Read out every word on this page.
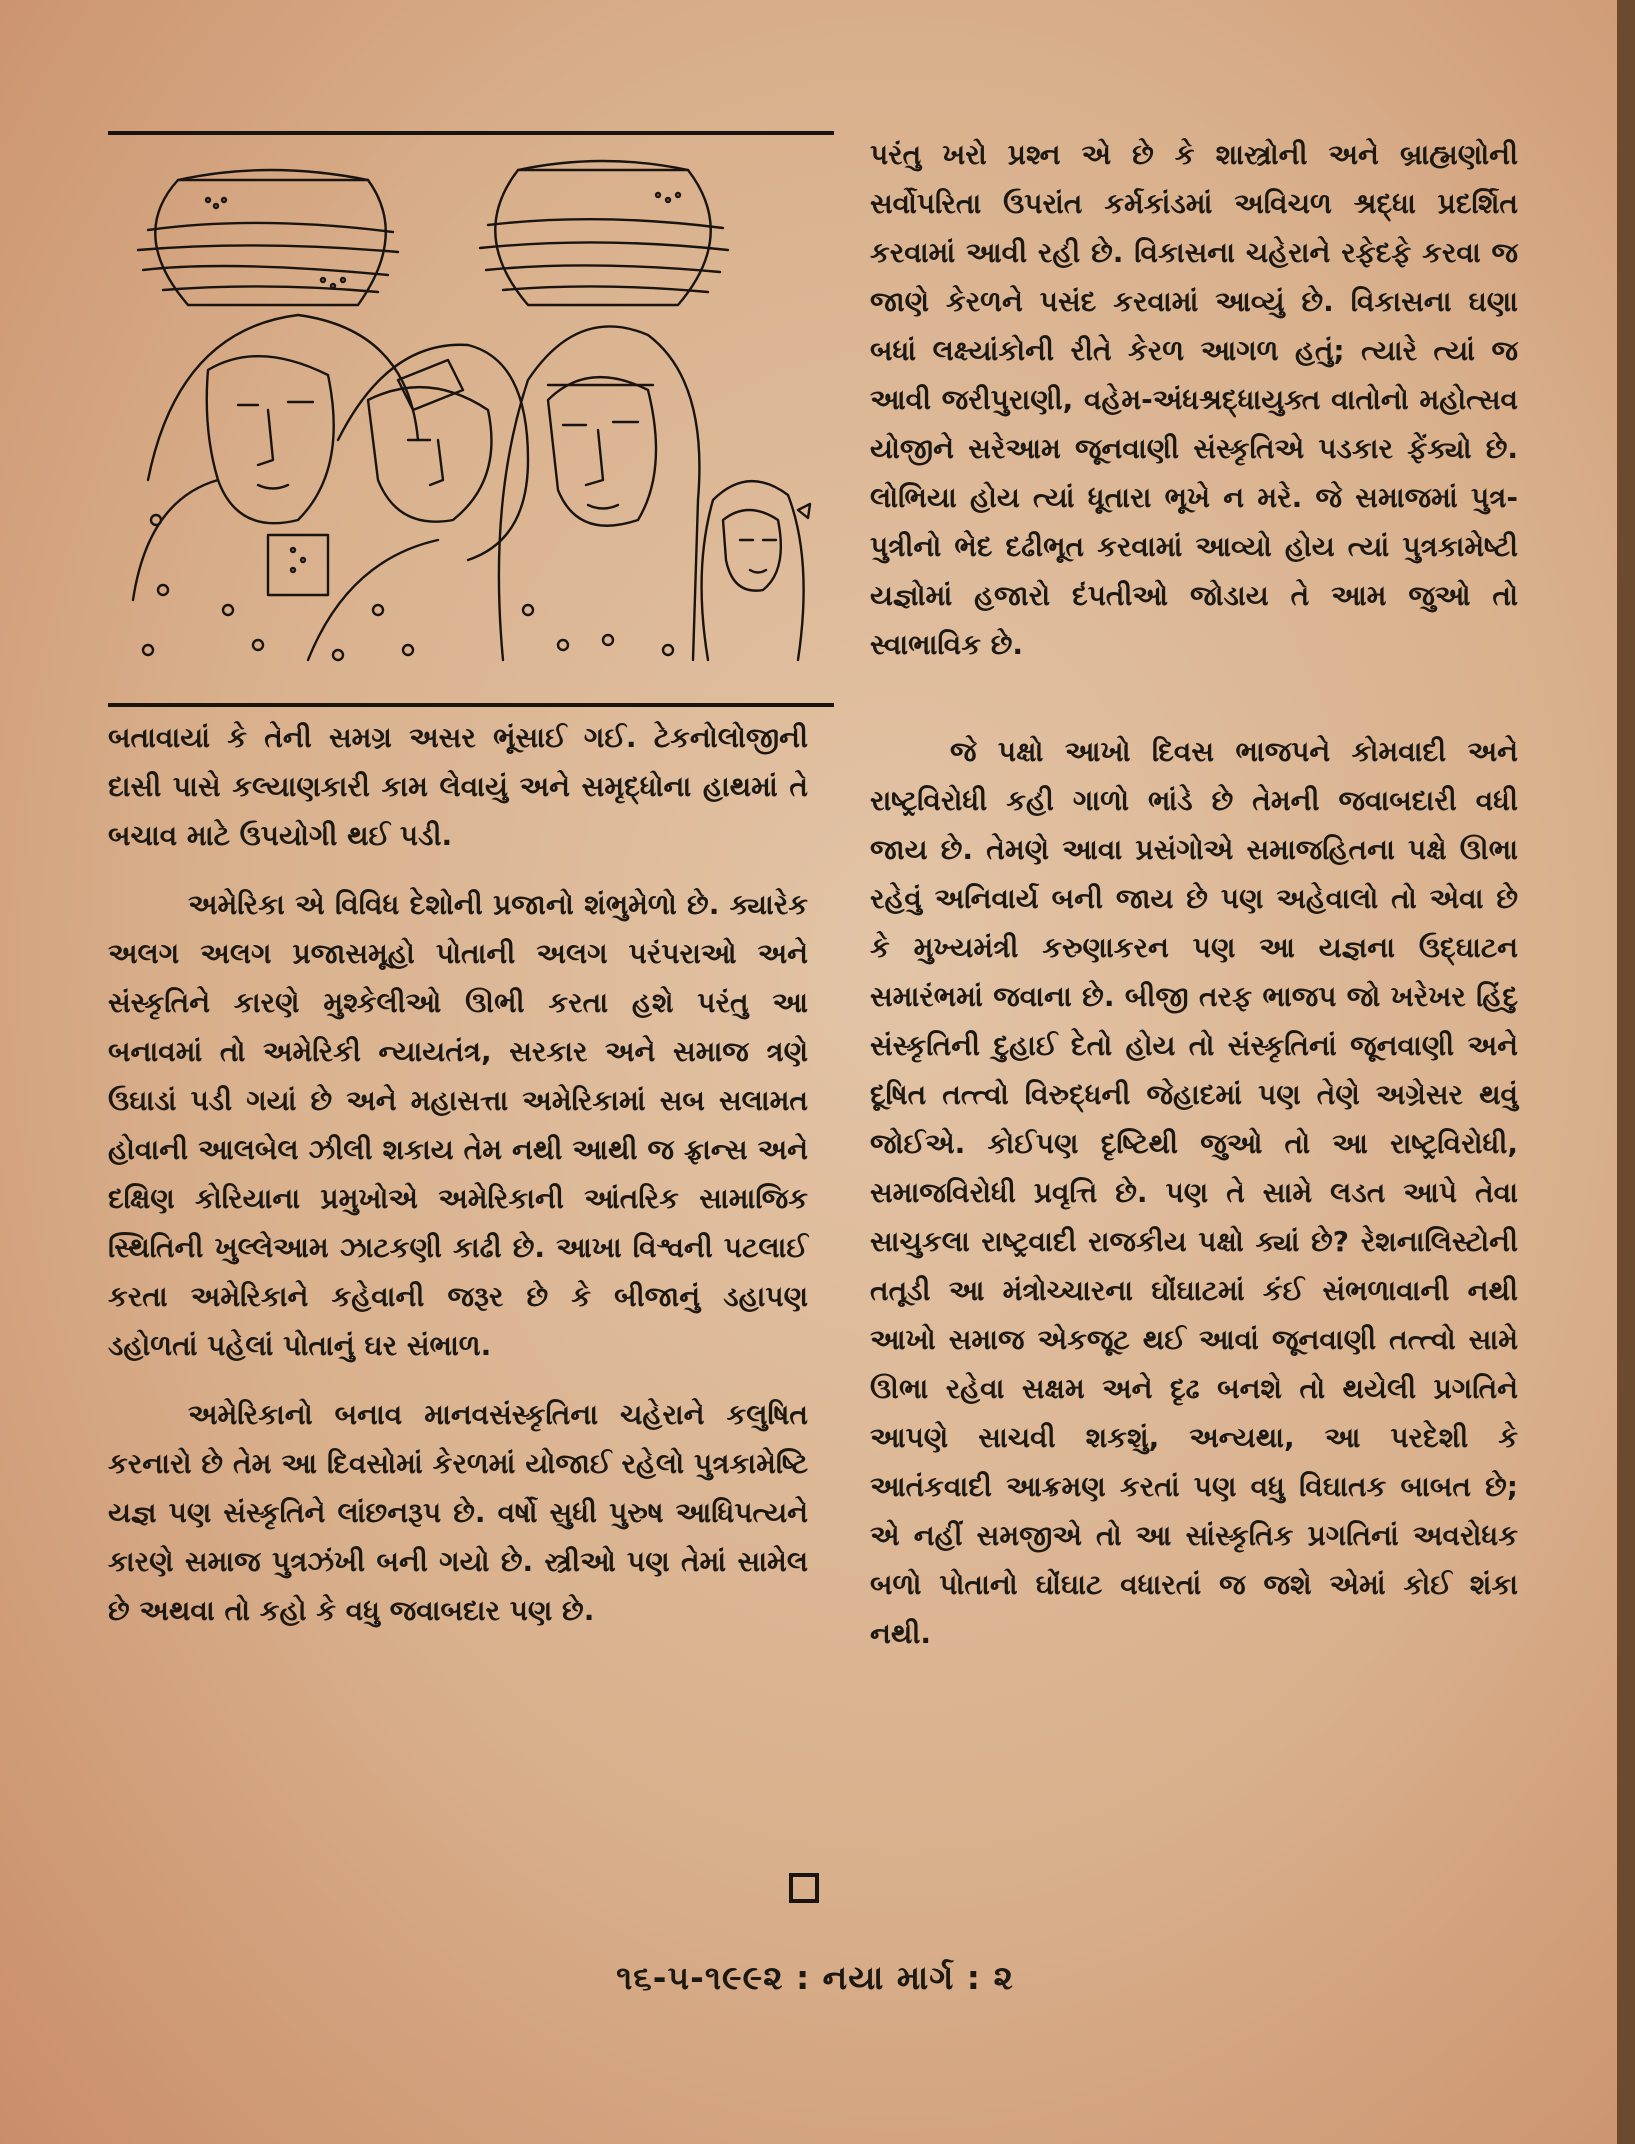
બતાવાયાં કે તેની સમગ્ર અસર ભૂંસાઈ ગઈ. ટેકનોલોજીની દાસી પાસે કલ્યાણકારી કામ લેવાયું અને સમૃદ્ધોના હાથમાં તે બચાવ માટે ઉપયોગી થઈ પડી.

અમેરિકા એ વિવિધ દેશોની પ્રજાનો શંભુમેળો છે. ક્યારેક અલગ અલગ પ્રજાસમૂહો પોતાની અલગ પરંપરાઓ અને સંસ્કૃતિને કારણે મુશ્કેલીઓ ઊભી કરતા હશે પરંતુ આ બનાવમાં તો અમેરિકી ન્યાયતંત્ર, સરકાર અને સમાજ ત્રણે ઉઘાડાં પડી ગયાં છે અને મહાસત્તા અમેરિકામાં સબ સલામત હોવાની આલબેલ ઝીલી શકાય તેમ નથી આથી જ ફ્રાન્સ અને દક્ષિણ કોરિયાના પ્રમુખોએ અમેરિકાની આંતરિક સામાજિક સ્થિતિની ખુલ્લેઆમ ઝાટકણી કાઢી છે. આખા વિશ્વની પટલાઈ કરતા અમેરિકાને કહેવાની જરૂર છે કે બીજાનું ડહાપણ ડહોળતાં પહેલાં પોતાનું ઘર સંભાળ.

અમેરિકાનો બનાવ માનવસંસ્કૃતિના ચહેરાને કલુષિત કરનારો છે તેમ આ દિવસોમાં કેરળમાં યોજાઈ રહેલો પુત્રકામેષ્ટિ યજ્ઞ પણ સંસ્કૃતિને લાંછનરૂપ છે. વર્ષો સુધી પુરુષ આધિપત્યને કારણે સમાજ પુત્રઝંખી બની ગયો છે. સ્ત્રીઓ પણ તેમાં સામેલ છે અથવા તો કહો કે વધુ જવાબદાર પણ છે.

પરંતુ ખરો પ્રશ્ન એ છે કે શાસ્ત્રોની અને બ્રાહ્મણોની સર્વોપરિતા ઉપરાંત કર્મકાંડમાં અવિચળ શ્રદ્ધા પ્રદર્શિત કરવામાં આવી રહી છે. વિકાસના ચહેરાને રફેદફે કરવા જ જાણે કેરળને પસંદ કરવામાં આવ્યું છે. વિકાસના ઘણા બધાં લક્ષ્યાંકોની રીતે કેરળ આગળ હતું; ત્યારે ત્યાં જ આવી જરીપુરાણી, વહેમ-અંધશ્રદ્ધાયુક્ત વાતોનો મહોત્સવ યોજીને સરેઆમ જૂનવાણી સંસ્કૃતિએ પડકાર ફેંક્યો છે. લોભિયા હોય ત્યાં ધૂતારા ભૂખે ન મરે. જે સમાજમાં પુત્ર-પુત્રીનો ભેદ દઢીભૂત કરવામાં આવ્યો હોય ત્યાં પુત્રકામેષ્ટી યજ્ઞોમાં હજારો દંપતીઓ જોડાય તે આમ જુઓ તો સ્વાભાવિક છે.

જે પક્ષો આખો દિવસ ભાજપને કોમવાદી અને રાષ્ટ્રવિરોધી કહી ગાળો ભાંડે છે તેમની જવાબદારી વધી જાય છે. તેમણે આવા પ્રસંગોએ સમાજહિતના પક્ષે ઊભા રહેવું અનિવાર્ય બની જાય છે પણ અહેવાલો તો એવા છે કે મુખ્યમંત્રી કરુણાકરન પણ આ યજ્ઞના ઉદ્ઘાટન સમારંભમાં જવાના છે. બીજી તરફ ભાજપ જો ખરેખર હિંદુ સંસ્કૃતિની દુહાઈ દેતો હોય તો સંસ્કૃતિનાં જૂનવાણી અને દૂષિત તત્ત્વો વિરુદ્ધની જેહાદમાં પણ તેણે અગ્રેસર થવું જોઈએ. કોઈપણ દૃષ્ટિથી જુઓ તો આ રાષ્ટ્રવિરોધી, સમાજવિરોધી પ્રવૃત્તિ છે. પણ તે સામે લડત આપે તેવા સાચુકલા રાષ્ટ્રવાદી રાજકીય પક્ષો ક્યાં છે? રેશનાલિસ્ટોની તતૂડી આ મંત્રોચ્ચારના ઘોંઘાટમાં કંઈ સંભળાવાની નથી આખો સમાજ એકજૂટ થઈ આવાં જૂનવાણી તત્ત્વો સામે ઊભા રહેવા સક્ષમ અને દૃઢ બનશે તો થયેલી પ્રગતિને આપણે સાચવી શકશું, અન્યથા, આ પરદેશી કે આતંકવાદી આક્રમણ કરતાં પણ વધુ વિઘાતક બાબત છે; એ નહીં સમજીએ તો આ સાંસ્કૃતિક પ્રગતિનાં અવરોધક બળો પોતાનો ઘોંઘાટ વધારતાં જ જશે એમાં કોઈ શંકા નથી.

૧૬-૫-૧૯૯૨ : નયા માર્ગ : ૨
